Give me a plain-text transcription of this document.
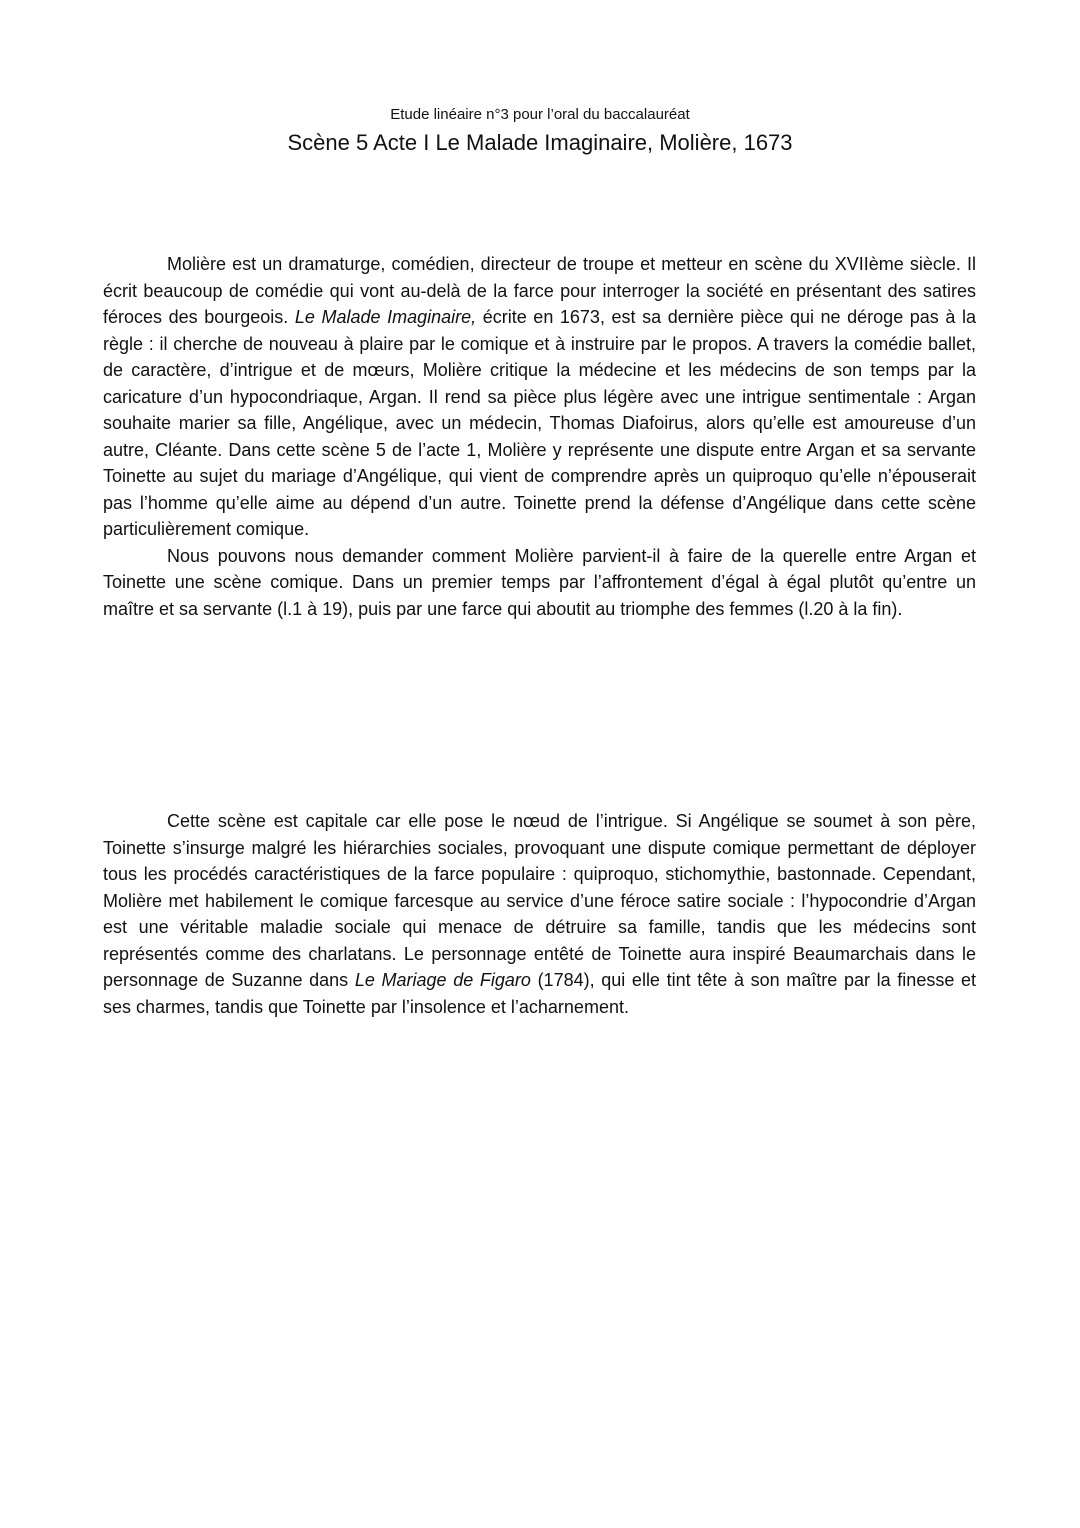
Etude linéaire n°3 pour l’oral du baccalauréat
Scène 5 Acte I Le Malade Imaginaire, Molière, 1673

Molière est un dramaturge, comédien, directeur de troupe et metteur en scène du XVIIème siècle. Il écrit beaucoup de comédie qui vont au-delà de la farce pour interroger la société en présentant des satires féroces des bourgeois. Le Malade Imaginaire, écrite en 1673, est sa dernière pièce qui ne déroge pas à la règle : il cherche de nouveau à plaire par le comique et à instruire par le propos. A travers la comédie ballet, de caractère, d’intrigue et de mœurs, Molière critique la médecine et les médecins de son temps par la caricature d’un hypocondriaque, Argan. Il rend sa pièce plus légère avec une intrigue sentimentale : Argan souhaite marier sa fille, Angélique, avec un médecin, Thomas Diafoirus, alors qu’elle est amoureuse d’un autre, Cléante. Dans cette scène 5 de l’acte 1, Molière y représente une dispute entre Argan et sa servante Toinette au sujet du mariage d’Angélique, qui vient de comprendre après un quiproquo qu’elle n’épouserait pas l’homme qu’elle aime au dépend d’un autre. Toinette prend la défense d’Angélique dans cette scène particulièrement comique.

Nous pouvons nous demander comment Molière parvient-il à faire de la querelle entre Argan et Toinette une scène comique. Dans un premier temps par l’affrontement d’égal à égal plutôt qu’entre un maître et sa servante (l.1 à 19), puis par une farce qui aboutit au triomphe des femmes (l.20 à la fin).

Cette scène est capitale car elle pose le nœud de l’intrigue. Si Angélique se soumet à son père, Toinette s’insurge malgré les hiérarchies sociales, provoquant une dispute comique permettant de déployer tous les procédés caractéristiques de la farce populaire : quiproquo, stichomythie, bastonnade. Cependant, Molière met habilement le comique farcesque au service d’une féroce satire sociale : l’hypocondrie d’Argan est une véritable maladie sociale qui menace de détruire sa famille, tandis que les médecins sont représentés comme des charlatans. Le personnage entêté de Toinette aura inspiré Beaumarchais dans le personnage de Suzanne dans Le Mariage de Figaro (1784), qui elle tint tête à son maître par la finesse et ses charmes, tandis que Toinette par l’insolence et l’acharnement.
